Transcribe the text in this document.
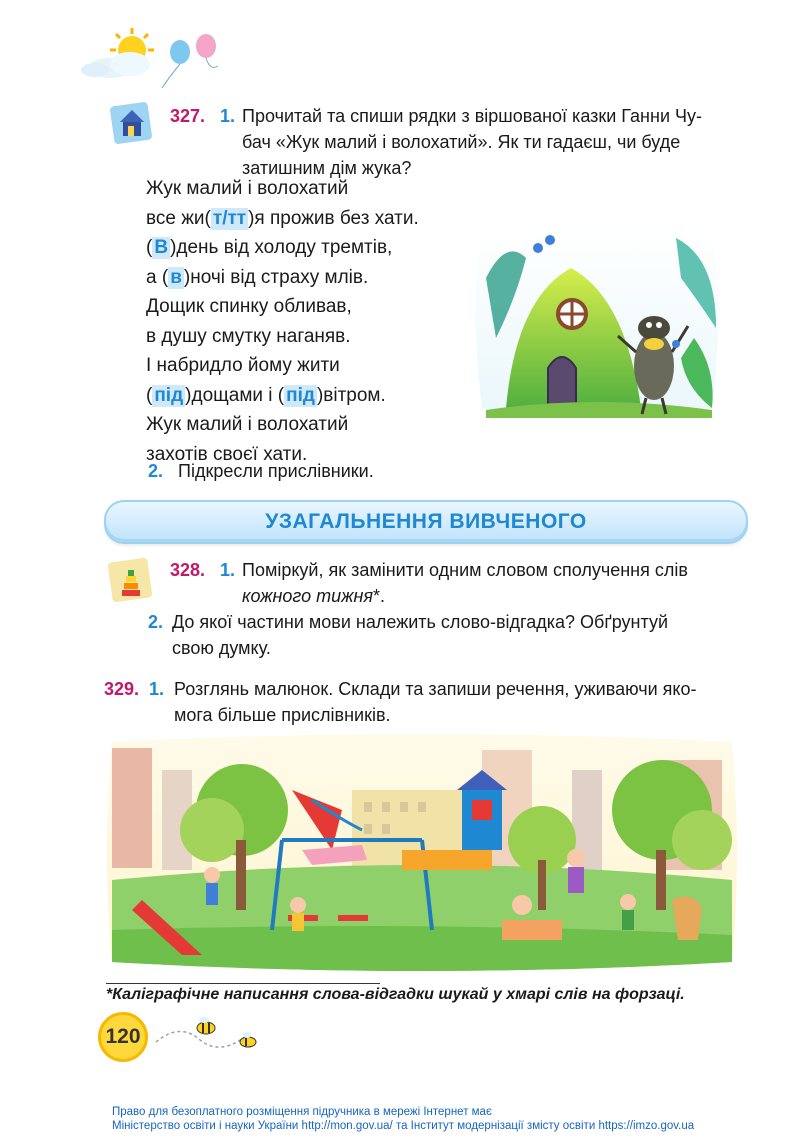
327. 1. Прочитай та спиши рядки з віршованої казки Ганни Чу-
бач «Жук малий і волохатий». Як ти гадаєш, чи буде
затишним дім жука?
Жук малий і волохатий
все жи( т/тт )я прожив без хати.
( В )день від холоду тремтів,
а ( в )ночі від страху млів.
Дощик спинку обливав,
в душу смутку наганяв.
І набридло йому жити
( під )дощами і ( під )вітром.
Жук малий і волохатий
захотів своєї хати.
2. Підкресли прислівники.
УЗАГАЛЬНЕННЯ ВИВЧЕНОГО
328. 1. Поміркуй, як замінити одним словом сполучення слів
кожного тижня*.
2. До якої частини мови належить слово-відгадка? Обґрунтуй
свою думку.
329. 1. Розглянь малюнок. Склади та запиши речення, уживаючи яко-
мога більше прислівників.
*Каліграфічне написання слова-відгадки шукай у хмарі слів на форзаці.
120
Право для безоплатного розміщення підручника в мережі Інтернет має
Міністерство освіти і науки України http://mon.gov.ua/ та Інститут модернізації змісту освіти https://imzo.gov.ua
